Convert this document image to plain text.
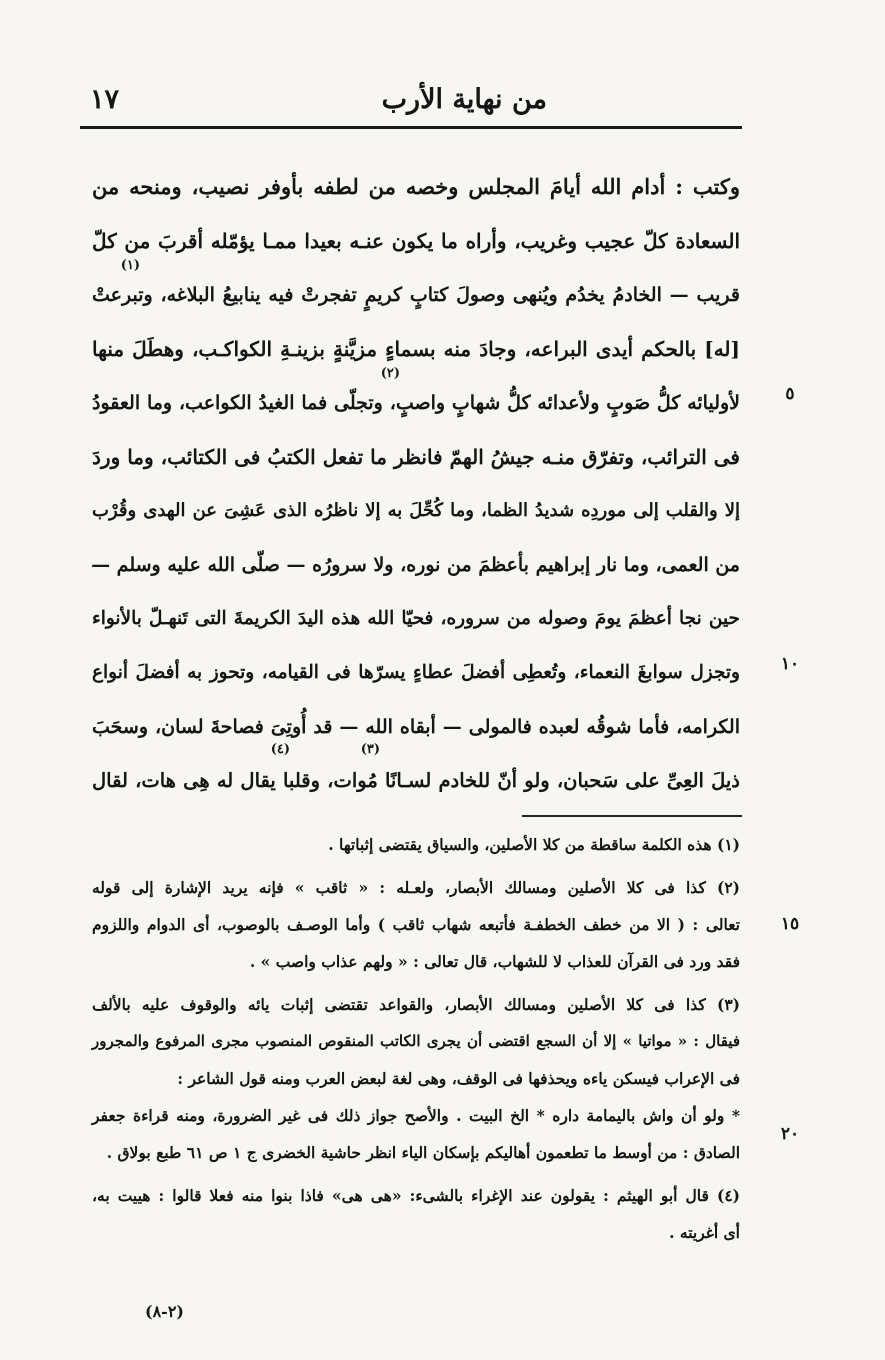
من نهاية الأرب
١٧
وكتب : أدام الله أيامَ المجلس وخصه من لطفه بأوفر نصيب، ومنحه من
السعادة كلّ عجيب وغريب، وأراه ما يكون عنـه بعيدا ممـا يؤمّله أقربَ من كلّ
(١)
قريب — الخادمُ يخدُم ويُنهى وصولَ كتابٍ كريمٍ تفجرتْ فيه ينابيعُ البلاغه، وتبرعتْ
[له] بالحكم أيدى البراعه، وجادَ منه بسماءٍ مزيَّنةٍ بزينـةِ الكواكـب، وهطَلَ منها
(٢)
لأوليائه كلُّ صَوبٍ ولأعدائه كلُّ شهابٍ واصبٍ، وتجلّى فما الغيدُ الكواعب، وما العقودُ
فى الترائب، وتفرّق منـه جيشُ الهمّ فانظر ما تفعل الكتبُ فى الكتائب، وما وردَ
إلا والقلب إلى موردِه شديدُ الظما، وما كُحِّلَ به إلا ناظرُه الذى عَشِىَ عن الهدى وقُرْب
من العمى، وما نار إبراهيم بأعظمَ من نوره، ولا سرورُه — صلّى الله عليه وسلم —
حين نجا أعظمَ يومَ وصوله من سروره، فحيّا الله هذه اليدَ الكريمةَ التى تَنهـلّ بالأنواء
وتجزل سوابغَ النعماء، وتُعطِى أفضلَ عطاءٍ يسرّها فى القيامه، وتحوز به أفضلَ أنواع
الكرامه، فأما شوقُه لعبده فالمولى — أبقاه الله — قد أُوتِىَ فصاحةَ لسان، وسحَبَ
(٣)
(٤)
ذيلَ العِىِّ على سَحبان، ولو أنّ للخادم لسـانًا مُوات، وقلبا يقال له هِى هات، لقال
(١) هذه الكلمة ساقطة من كلا الأصلين، والسياق يقتضى إثباتها .
(٢) كذا فى كلا الأصلين ومسالك الأبصار، ولعـله : « ثاقب » فإنه يريد الإشارة إلى قوله
تعالى : ( الا من خطف الخطفـة فأتبعه شهاب ثاقب ) وأما الوصـف بالوصوب، أى الدوام واللزوم
فقد ورد فى القرآن للعذاب لا للشهاب، قال تعالى : « ولهم عذاب واصب » .
(٣) كذا فى كلا الأصلين ومسالك الأبصار، والقواعد تقتضى إثبات يائه والوقوف عليه بالألف
فيقال : « مواتيا » إلا أن السجع اقتضى أن يجرى الكاتب المنقوص المنصوب مجرى المرفوع والمجرور
فى الإعراب فيسكن ياءه ويحذفها فى الوقف، وهى لغة لبعض العرب ومنه قول الشاعر :
* ولو أن واش باليمامة داره * الخ البيت . والأصح جواز ذلك فى غير الضرورة، ومنه قراءة جعفر
الصادق : من أوسط ما تطعمون أهاليكم بإسكان الياء انظر حاشية الخضرى ج ١ ص ٦١ طبع بولاق .
(٤) قال أبو الهيثم : يقولون عند الإغراء بالشىء: «هى هى» فاذا بنوا منه فعلا قالوا : هييت به،
أى أغريته .
٥
١٠
١٥
٢٠
(٢-٨)
